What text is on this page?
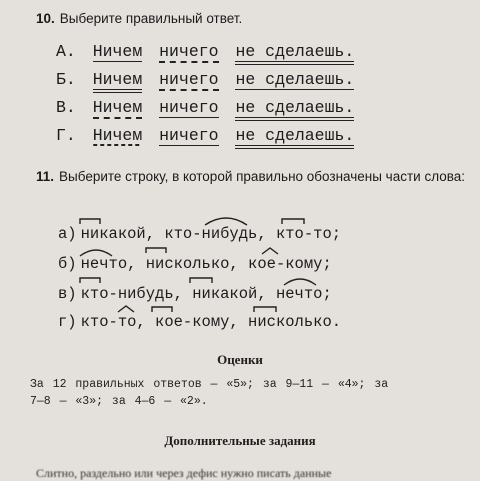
10. Выберите правильный ответ.
А. Ничем ничего не сделаешь.
Б. Ничем ничего не сделаешь.
В. Ничем ничего не сделаешь.
Г. Ничем ничего не сделаешь.
11. Выберите строку, в которой правильно обозначены части слова:
а) никакой, кто-нибудь, кто-то;
б) нечто, нисколько, кое-кому;
в) кто-нибудь, никакой, нечто;
г) кто-то, кое-кому, нисколько.
Оценки
За 12 правильных ответов — «5»; за 9—11 — «4»; за
7—8 — «3»; за 4—6 — «2».
Дополнительные задания
Слитно, раздельно или через дефис нужно писать данные
